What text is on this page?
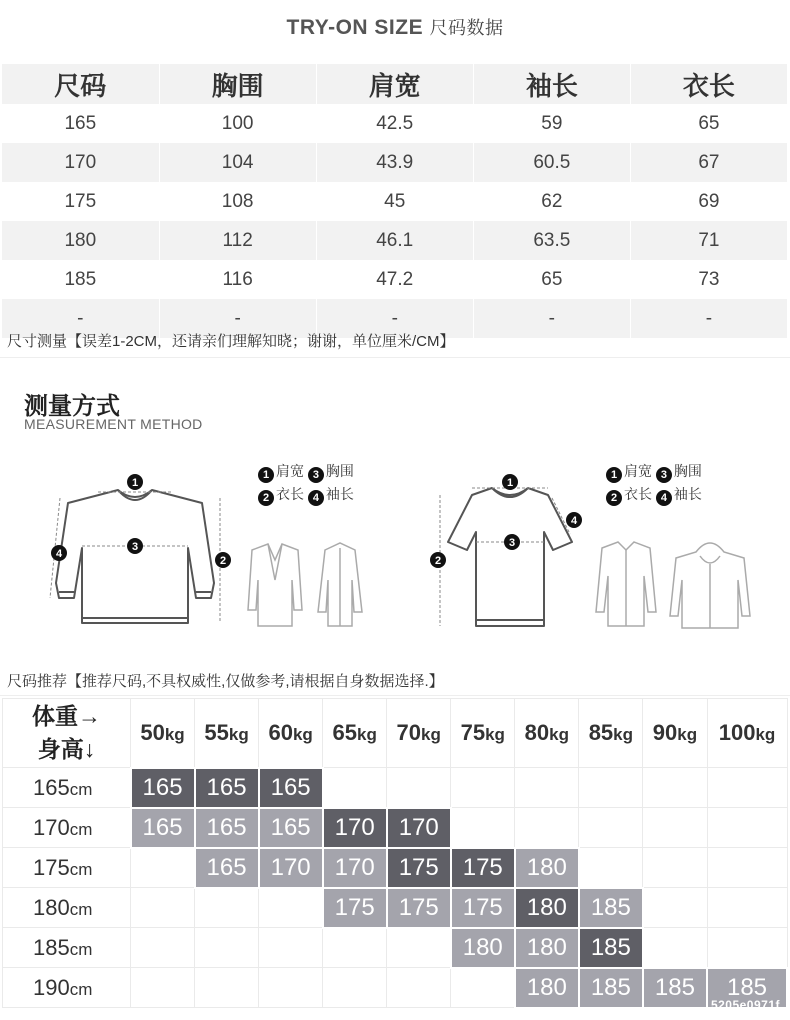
TRY-ON SIZE 尺码数据
尺码	胸围	肩宽	袖长	衣长
165	100	42.5	59	65
170	104	43.9	60.5	67
175	108	45	62	69
180	112	46.1	63.5	71
185	116	47.2	65	73
-	-	-	-	-
尺寸测量【误差1-2CM，还请亲们理解知晓；谢谢，单位厘米/CM】
测量方式
MEASUREMENT METHOD
1
3
2
4
1 肩宽 3 胸围
2 衣长 4 袖长
1
3
2
4
1 肩宽 3 胸围
2 衣长 4 袖长
尺码推荐【推荐尺码,不具权威性,仅做参考,请根据自身数据选择.】
体重→
身高↓	50kg	55kg	60kg	65kg	70kg	75kg	80kg	85kg	90kg	100kg
165cm	165	165	165							
170cm	165	165	165	170	170					
175cm		165	170	170	175	175	180			
180cm				175	175	175	180	185		
185cm						180	180	185		
190cm							180	185	185	185
5205e0971f
